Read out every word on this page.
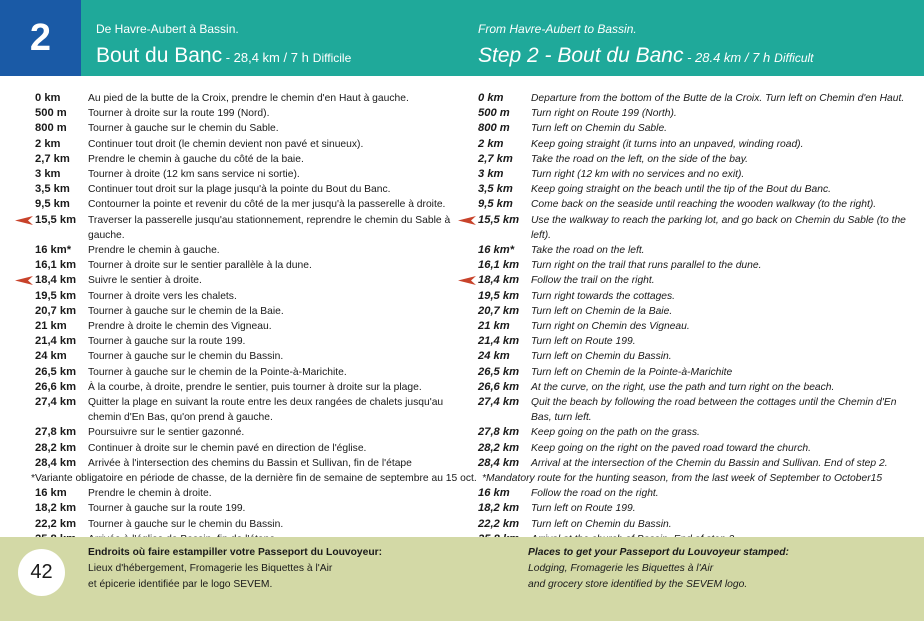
2	De Havre-Aubert à Bassin.
Bout du Banc - 28,4 km / 7 h Difficile
From Havre-Aubert to Bassin.
Step 2 - Bout du Banc - 28.4 km / 7 h Difficult
0 km	Au pied de la butte de la Croix, prendre le chemin d'en Haut à gauche.
500 m	Tourner à droite sur la route 199 (Nord).
800 m	Tourner à gauche sur le chemin du Sable.
2 km	Continuer tout droit (le chemin devient non pavé et sinueux).
2,7 km	Prendre le chemin à gauche du côté de la baie.
3 km	Tourner à droite (12 km sans service ni sortie).
3,5 km	Continuer tout droit sur la plage jusqu'à la pointe du Bout du Banc.
9,5 km	Contourner la pointe et revenir du côté de la mer jusqu'à la passerelle à droite.
15,5 km	Traverser la passerelle jusqu'au stationnement, reprendre le chemin du Sable à gauche.
16 km*	Prendre le chemin à gauche.
16,1 km	Tourner à droite sur le sentier parallèle à la dune.
18,4 km	Suivre le sentier à droite.
19,5 km	Tourner à droite vers les chalets.
20,7 km	Tourner à gauche sur le chemin de la Baie.
21 km	Prendre à droite le chemin des Vigneau.
21,4 km	Tourner à gauche sur la route 199.
24 km	Tourner à gauche sur le chemin du Bassin.
26,5 km	Tourner à gauche sur le chemin de la Pointe-à-Marichite.
26,6 km	À la courbe, à droite, prendre le sentier, puis tourner à droite sur la plage.
27,4 km	Quitter la plage en suivant la route entre les deux rangées de chalets jusqu'au chemin d'En Bas, qu'on prend à gauche.
27,8 km	Poursuivre sur le sentier gazonné.
28,2 km	Continuer à droite sur le chemin pavé en direction de l'église.
28,4 km	Arrivée à l'intersection des chemins du Bassin et Sullivan, fin de l'étape
*Variante obligatoire en période de chasse, de la dernière fin de semaine de septembre au 15 oct.
16 km	Prendre le chemin à droite.
18,2 km	Tourner à gauche sur la route 199.
22,2 km	Tourner à gauche sur le chemin du Bassin.
0 km	Departure from the bottom of the Butte de la Croix. Turn left on Chemin d'en Haut.
500 m	Turn right on Route 199 (North).
800 m	Turn left on Chemin du Sable.
2 km	Keep going straight (it turns into an unpaved, winding road).
2,7 km	Take the road on the left, on the side of the bay.
3 km	Turn right (12 km with no services and no exit).
3,5 km	Keep going straight on the beach until the tip of the Bout du Banc.
9,5 km	Come back on the seaside until reaching the wooden walkway (to the right).
15,5 km	Use the walkway to reach the parking lot, and go back on Chemin du Sable (to the left).
16 km*	Take the road on the left.
16,1 km	Turn right on the trail that runs parallel to the dune.
18,4 km	Follow the trail on the right.
19,5 km	Turn right towards the cottages.
20,7 km	Turn left on Chemin de la Baie.
21 km	Turn right on Chemin des Vigneau.
21,4 km	Turn left on Route 199.
24 km	Turn left on Chemin du Bassin.
26,5 km	Turn left on Chemin de la Pointe-à-Marichite
26,6 km	At the curve, on the right, use the path and turn right on the beach.
27,4 km	Quit the beach by following the road between the cottages until the Chemin d'En Bas, turn left.
27,8 km	Keep going on the path on the grass.
28,2 km	Keep going on the right on the paved road toward the church.
28,4 km	Arrival at the intersection of the Chemin du Bassin and Sullivan. End of step 2.
*Mandatory route for the hunting season, from the last week of September to October15
16 km	Follow the road on the right.
18,2 km	Turn left on Route 199.
22,2 km	Turn left on Chemin du Bassin.
42
Endroits où faire estampiller votre Passeport du Louvoyeur:
Lieux d'hébergement, Fromagerie les Biquettes à l'Air
et épicerie identifiée par le logo SEVEM.
Places to get your Passeport du Louvoyeur stamped:
Lodging, Fromagerie les Biquettes à l'Air
and grocery store identified by the SEVEM logo.
